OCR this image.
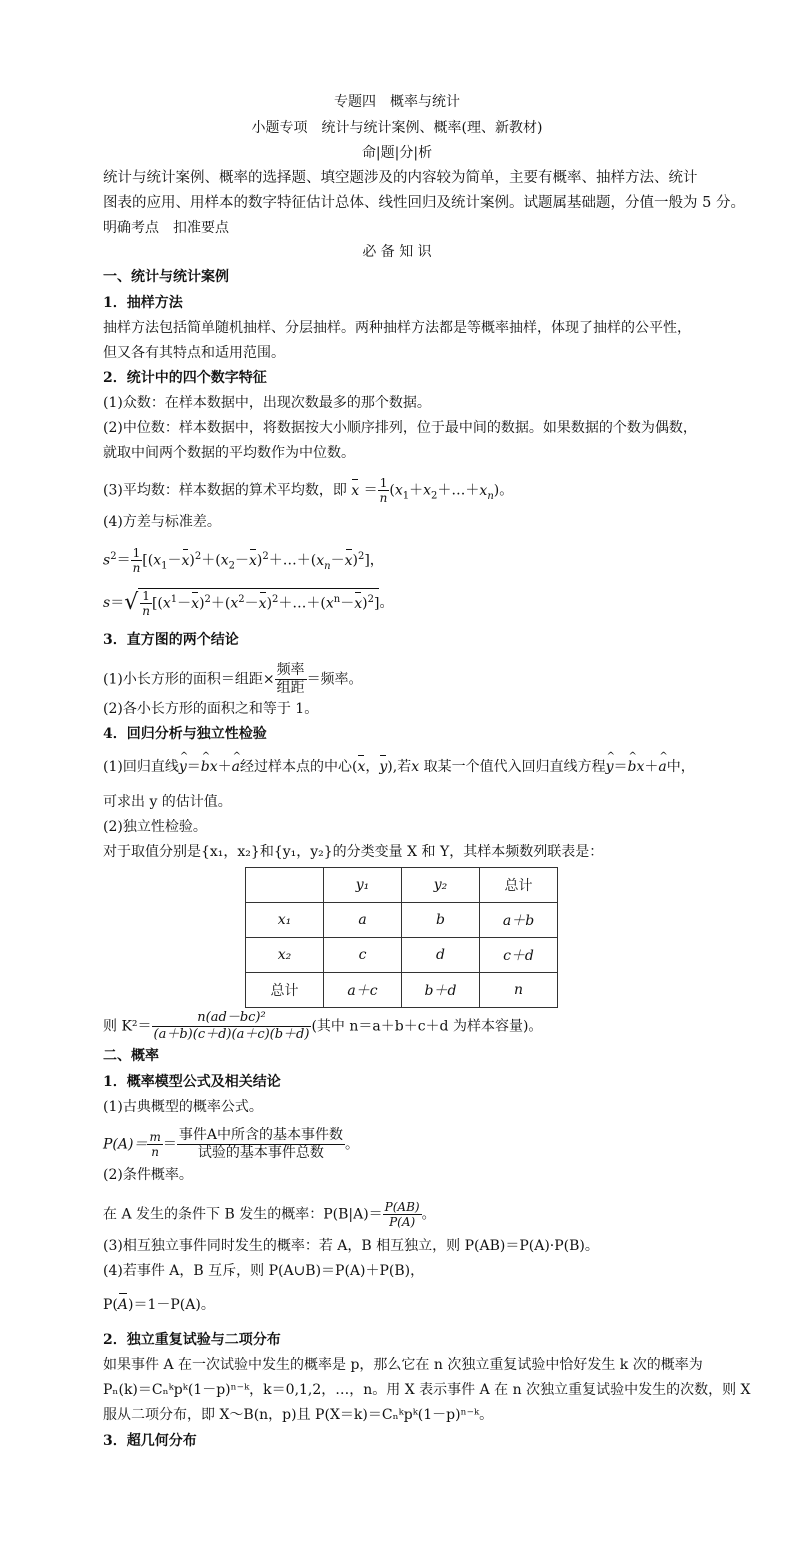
专题四　概率与统计
小题专项　统计与统计案例、概率(理、新教材)
命|题|分|析
统计与统计案例、概率的选择题、填空题涉及的内容较为简单，主要有概率、抽样方法、统计
图表的应用、用样本的数字特征估计总体、线性回归及统计案例。试题属基础题，分值一般为 5 分。
明确考点　扣准要点
必 备 知 识
一、统计与统计案例
1．抽样方法
抽样方法包括简单随机抽样、分层抽样。两种抽样方法都是等概率抽样，体现了抽样的公平性，
但又各有其特点和适用范围。
2．统计中的四个数字特征
(1)众数：在样本数据中，出现次数最多的那个数据。
(2)中位数：样本数据中，将数据按大小顺序排列，位于最中间的数据。如果数据的个数为偶数，
就取中间两个数据的平均数作为中位数。
(3)平均数：样本数据的算术平均数，即 $x = \frac{1}{n}$ $(x_1+x_2+\dots+x_n)$。
(4)方差与标准差。
$s^2= \frac{1}{n}$ $[(x_1-x)^2+(x_2-x)^2+\dots+(x_n-x)^2]$，
$s=√ \frac{1}{n}$ $[(x^1-x)^2+(x^2-x)^2+\dots+(x^n-x)^2]$。
3．直方图的两个结论
(1)小长方形的面积＝组距× $\frac{\text{频率}}{\text{组距}}$ ＝频率。
(2)各小长方形的面积之和等于 1。
4．回归分析与独立性检验
(1)回归直线^ y＝^ bx＋^ a经过样本点的中心(x，y),若x 取某一个值代入回归直线方程^ y＝^ bx＋^ a中，
可求出 y 的估计值。
(2)独立性检验。
对于取值分别是{x₁，x₂}和{y₁，y₂}的分类变量 X 和 Y，其样本频数列联表是：
	y₁	y₂	总计
x₁	a	b	a＋b
x₂	c	d	c＋d
总计	a＋c	b＋d	n
则 $K^2= \frac{\text{n(ad－bc)²}}{(a+b)(c+d)(a+c)(b+d)}$ (其中 n＝a＋b＋c＋d 为样本容量)。
二、概率
1．概率模型公式及相关结论
(1)古典概型的概率公式。
$P(A)= \frac{m}{n} = \frac{\text{事件A中所含的基本事件数}}{\text{试验的基本事件总数}}$ 。
(2)条件概率。
在 A 发生的条件下 B 发生的概率：$P(B|A)= \frac{P(AB)}{P(A)}$ 。
(3)相互独立事件同时发生的概率：若 A，B 相互独立，则 P(AB)＝P(A)·P(B)。
(4)若事件 A，B 互斥，则 P(A∪B)＝P(A)＋P(B)，
P(A)＝1－P(A)。
2．独立重复试验与二项分布
如果事件 A 在一次试验中发生的概率是 p，那么它在 n 次独立重复试验中恰好发生 k 次的概率为
Pₙ(k)＝Cₙᵏpᵏ(1－p)ⁿ⁻ᵏ，k＝0,1,2，…，n。用 X 表示事件 A 在 n 次独立重复试验中发生的次数，则 X
服从二项分布，即 X～B(n，p)且 P(X＝k)＝Cₙᵏpᵏ(1－p)ⁿ⁻ᵏ。
3．超几何分布
